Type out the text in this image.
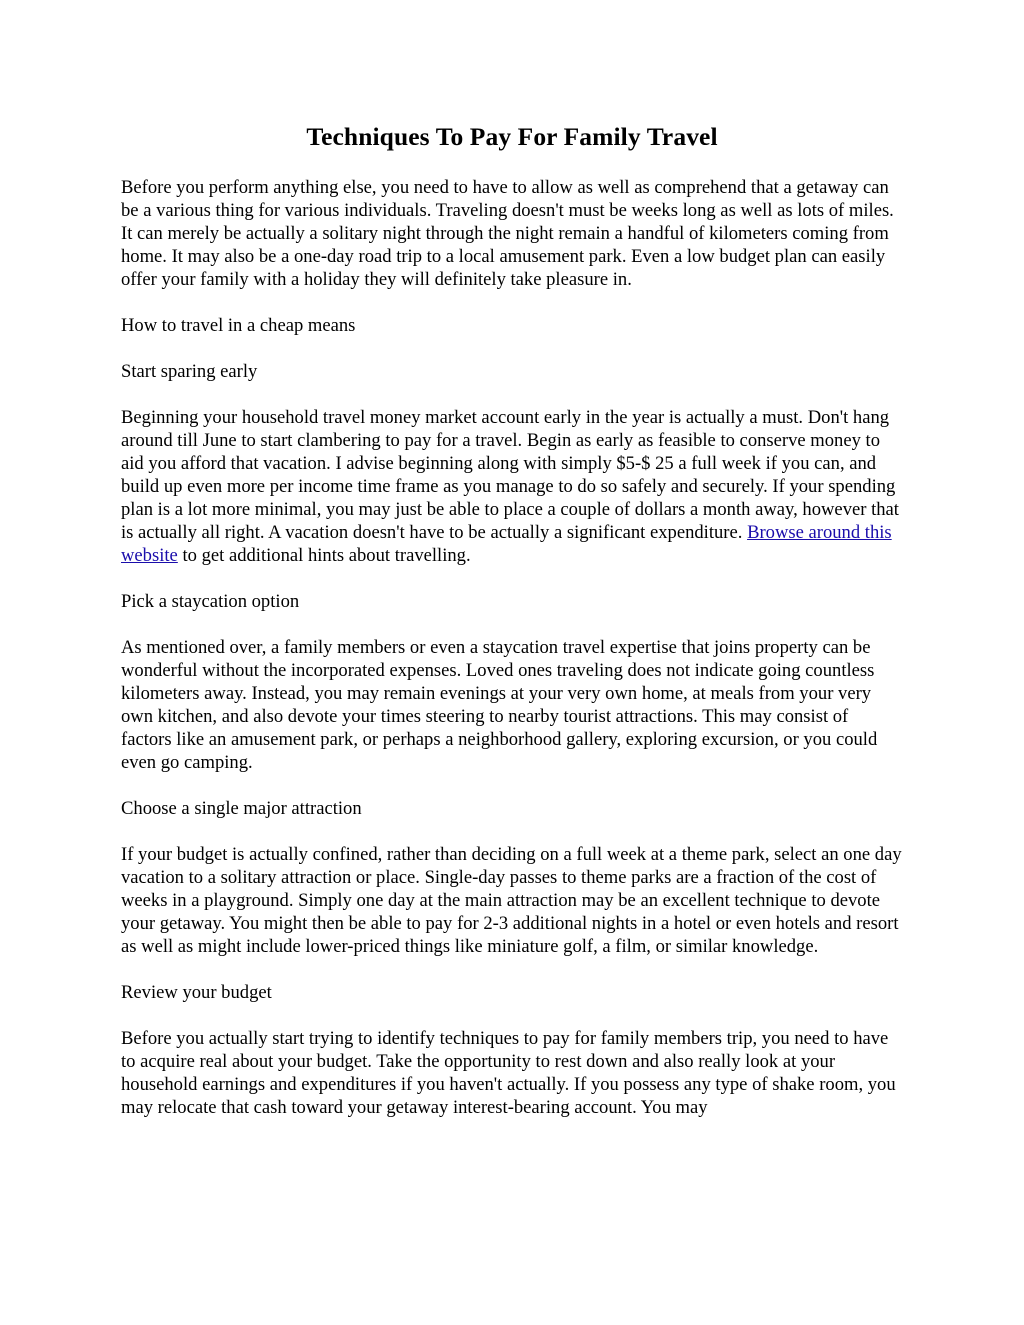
Techniques To Pay For Family Travel

Before you perform anything else, you need to have to allow as well as comprehend that a getaway can be a various thing for various individuals. Traveling doesn't must be weeks long as well as lots of miles. It can merely be actually a solitary night through the night remain a handful of kilometers coming from home. It may also be a one-day road trip to a local amusement park. Even a low budget plan can easily offer your family with a holiday they will definitely take pleasure in.

How to travel in a cheap means

Start sparing early

Beginning your household travel money market account early in the year is actually a must. Don't hang around till June to start clambering to pay for a travel. Begin as early as feasible to conserve money to aid you afford that vacation. I advise beginning along with simply $5-$ 25 a full week if you can, and build up even more per income time frame as you manage to do so safely and securely. If your spending plan is a lot more minimal, you may just be able to place a couple of dollars a month away, however that is actually all right. A vacation doesn't have to be actually a significant expenditure. Browse around this website to get additional hints about travelling.

Pick a staycation option

As mentioned over, a family members or even a staycation travel expertise that joins property can be wonderful without the incorporated expenses. Loved ones traveling does not indicate going countless kilometers away. Instead, you may remain evenings at your very own home, at meals from your very own kitchen, and also devote your times steering to nearby tourist attractions. This may consist of factors like an amusement park, or perhaps a neighborhood gallery, exploring excursion, or you could even go camping.

Choose a single major attraction

If your budget is actually confined, rather than deciding on a full week at a theme park, select an one day vacation to a solitary attraction or place. Single-day passes to theme parks are a fraction of the cost of weeks in a playground. Simply one day at the main attraction may be an excellent technique to devote your getaway. You might then be able to pay for 2-3 additional nights in a hotel or even hotels and resort as well as might include lower-priced things like miniature golf, a film, or similar knowledge.

Review your budget

Before you actually start trying to identify techniques to pay for family members trip, you need to have to acquire real about your budget. Take the opportunity to rest down and also really look at your household earnings and expenditures if you haven't actually. If you possess any type of shake room, you may relocate that cash toward your getaway interest-bearing account. You may
